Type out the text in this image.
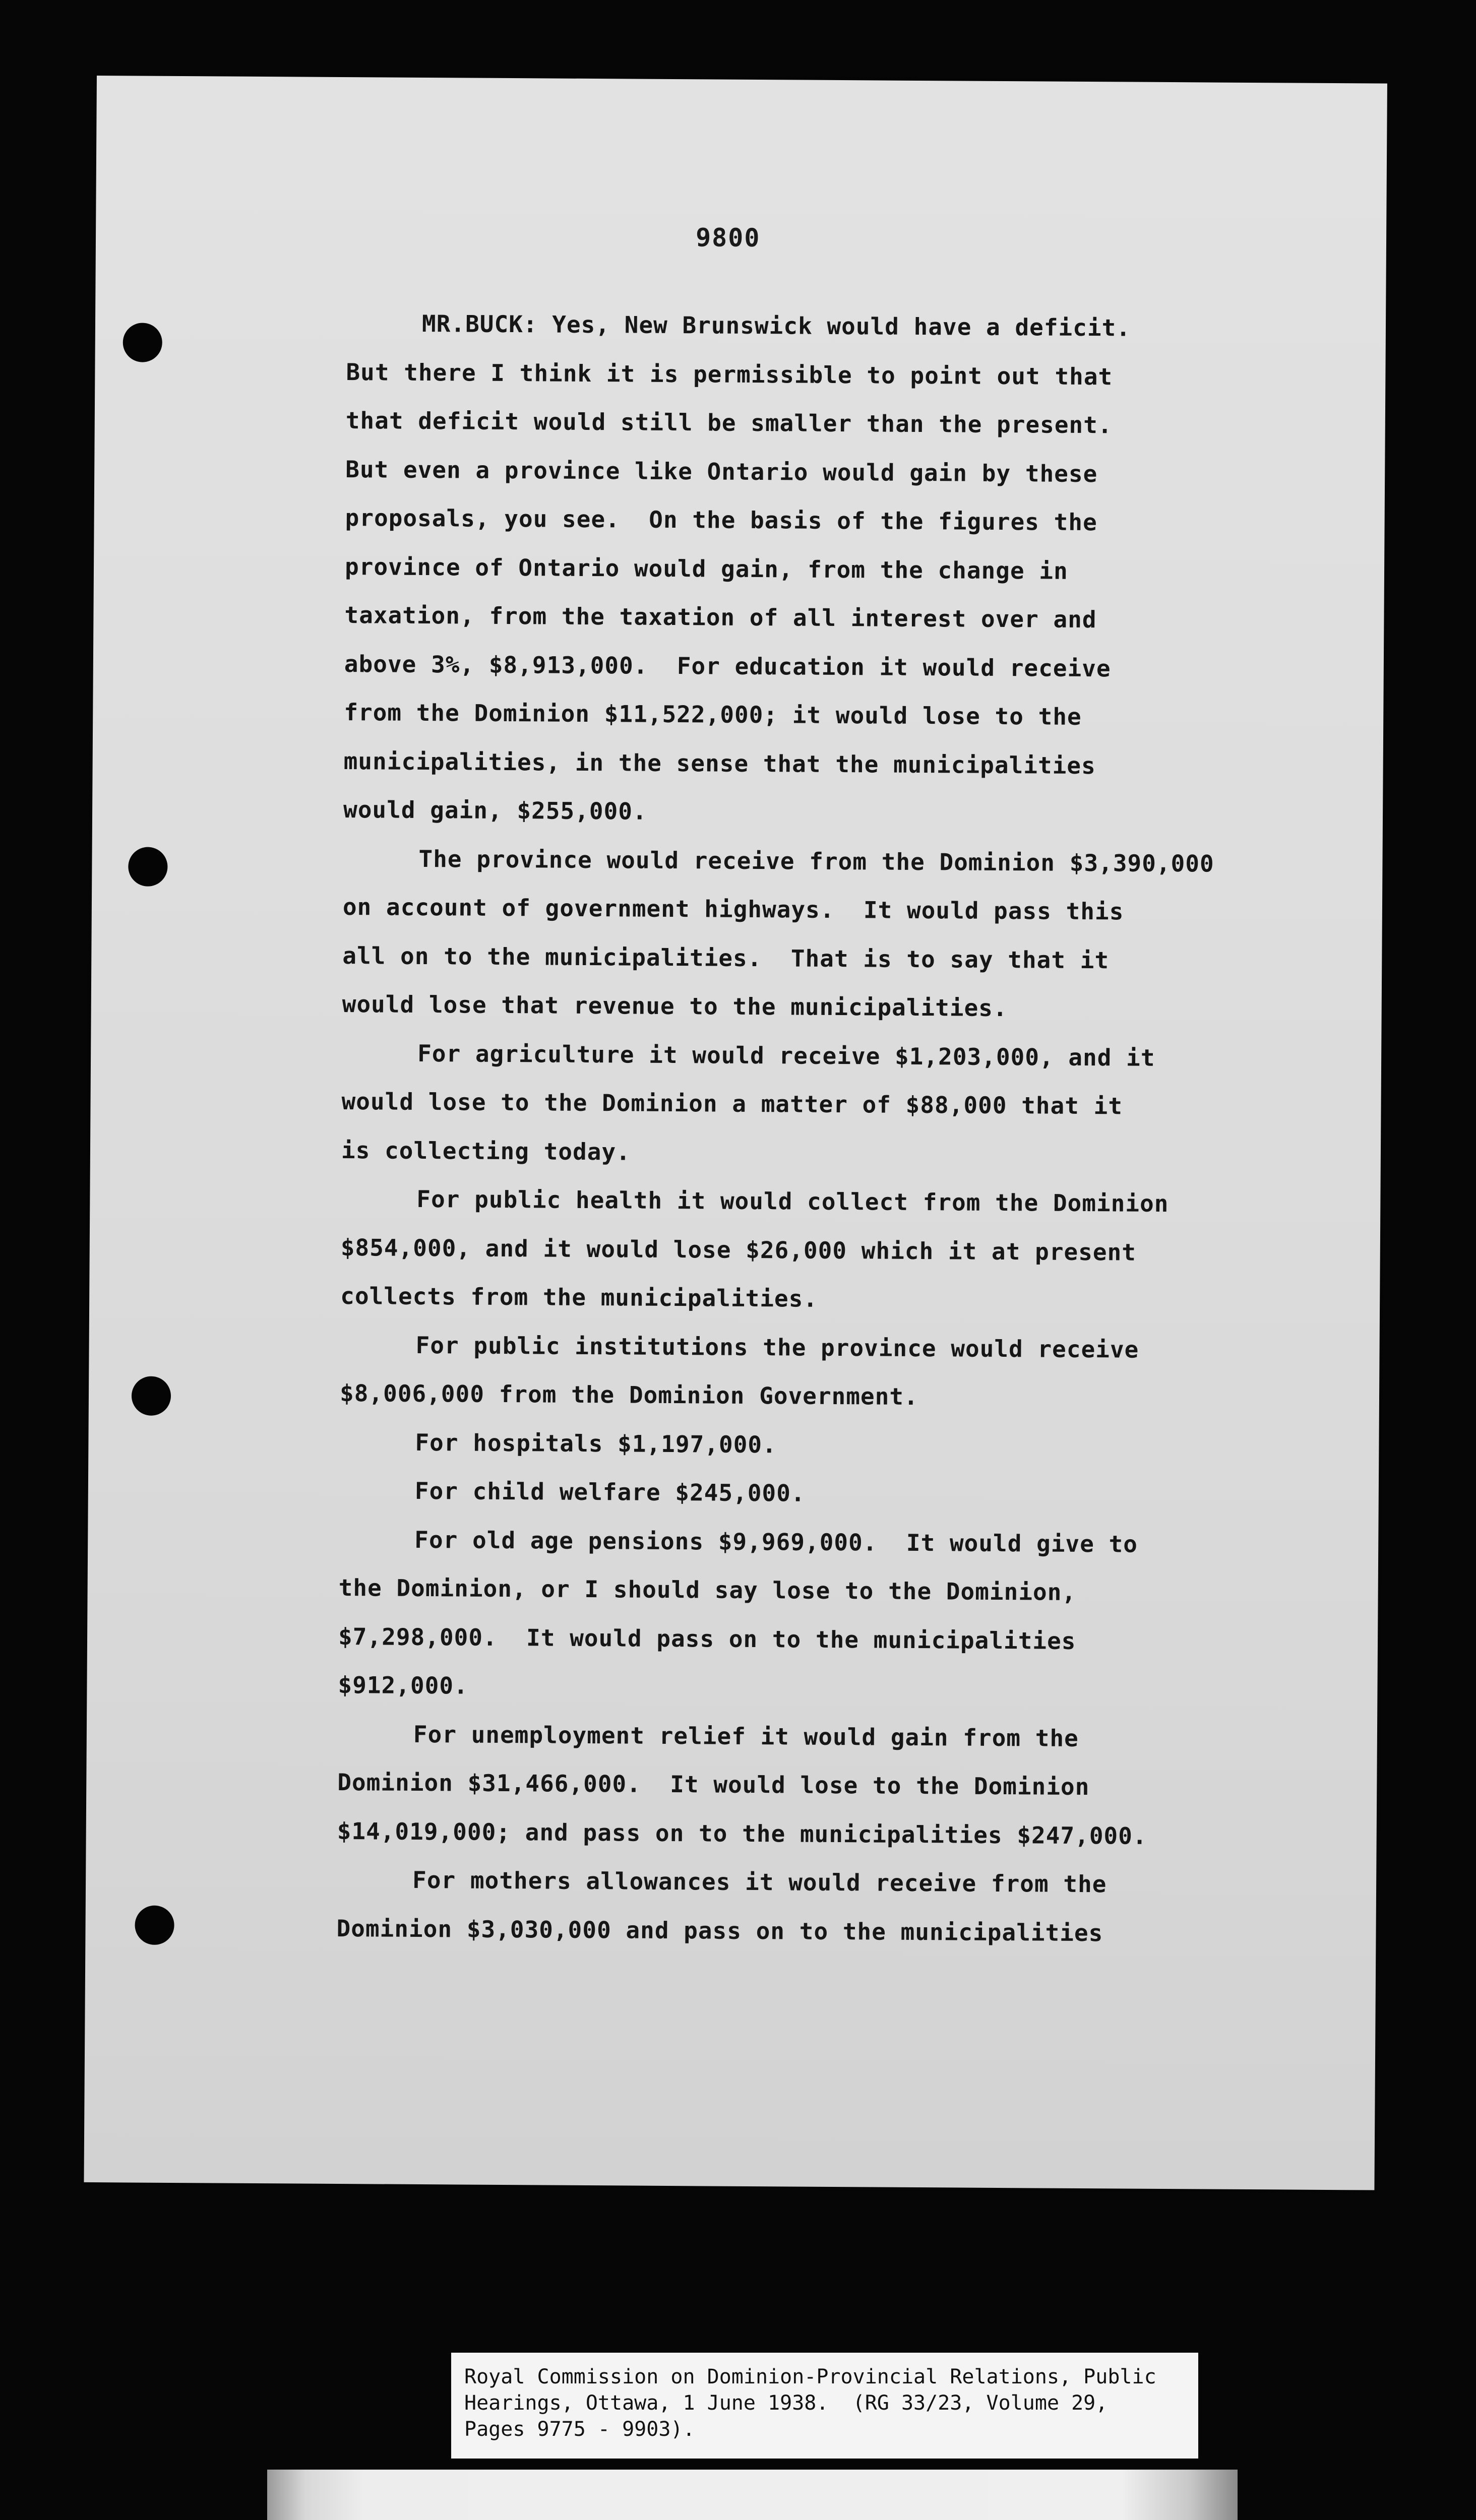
9800
MR.BUCK: Yes, New Brunswick would have a deficit.
But there I think it is permissible to point out that
that deficit would still be smaller than the present.
But even a province like Ontario would gain by these
proposals, you see.  On the basis of the figures the
province of Ontario would gain, from the change in
taxation, from the taxation of all interest over and
above 3%, $8,913,000.  For education it would receive
from the Dominion $11,522,000; it would lose to the
municipalities, in the sense that the municipalities
would gain, $255,000.
The province would receive from the Dominion $3,390,000
on account of government highways.  It would pass this
all on to the municipalities.  That is to say that it
would lose that revenue to the municipalities.
For agriculture it would receive $1,203,000, and it
would lose to the Dominion a matter of $88,000 that it
is collecting today.
For public health it would collect from the Dominion
$854,000, and it would lose $26,000 which it at present
collects from the municipalities.
For public institutions the province would receive
$8,006,000 from the Dominion Government.
For hospitals $1,197,000.
For child welfare $245,000.
For old age pensions $9,969,000.  It would give to
the Dominion, or I should say lose to the Dominion,
$7,298,000.  It would pass on to the municipalities
$912,000.
For unemployment relief it would gain from the
Dominion $31,466,000.  It would lose to the Dominion
$14,019,000; and pass on to the municipalities $247,000.
For mothers allowances it would receive from the
Dominion $3,030,000 and pass on to the municipalities
Royal Commission on Dominion-Provincial Relations, Public
Hearings, Ottawa, 1 June 1938.  (RG 33/23, Volume 29,
Pages 9775 - 9903).
